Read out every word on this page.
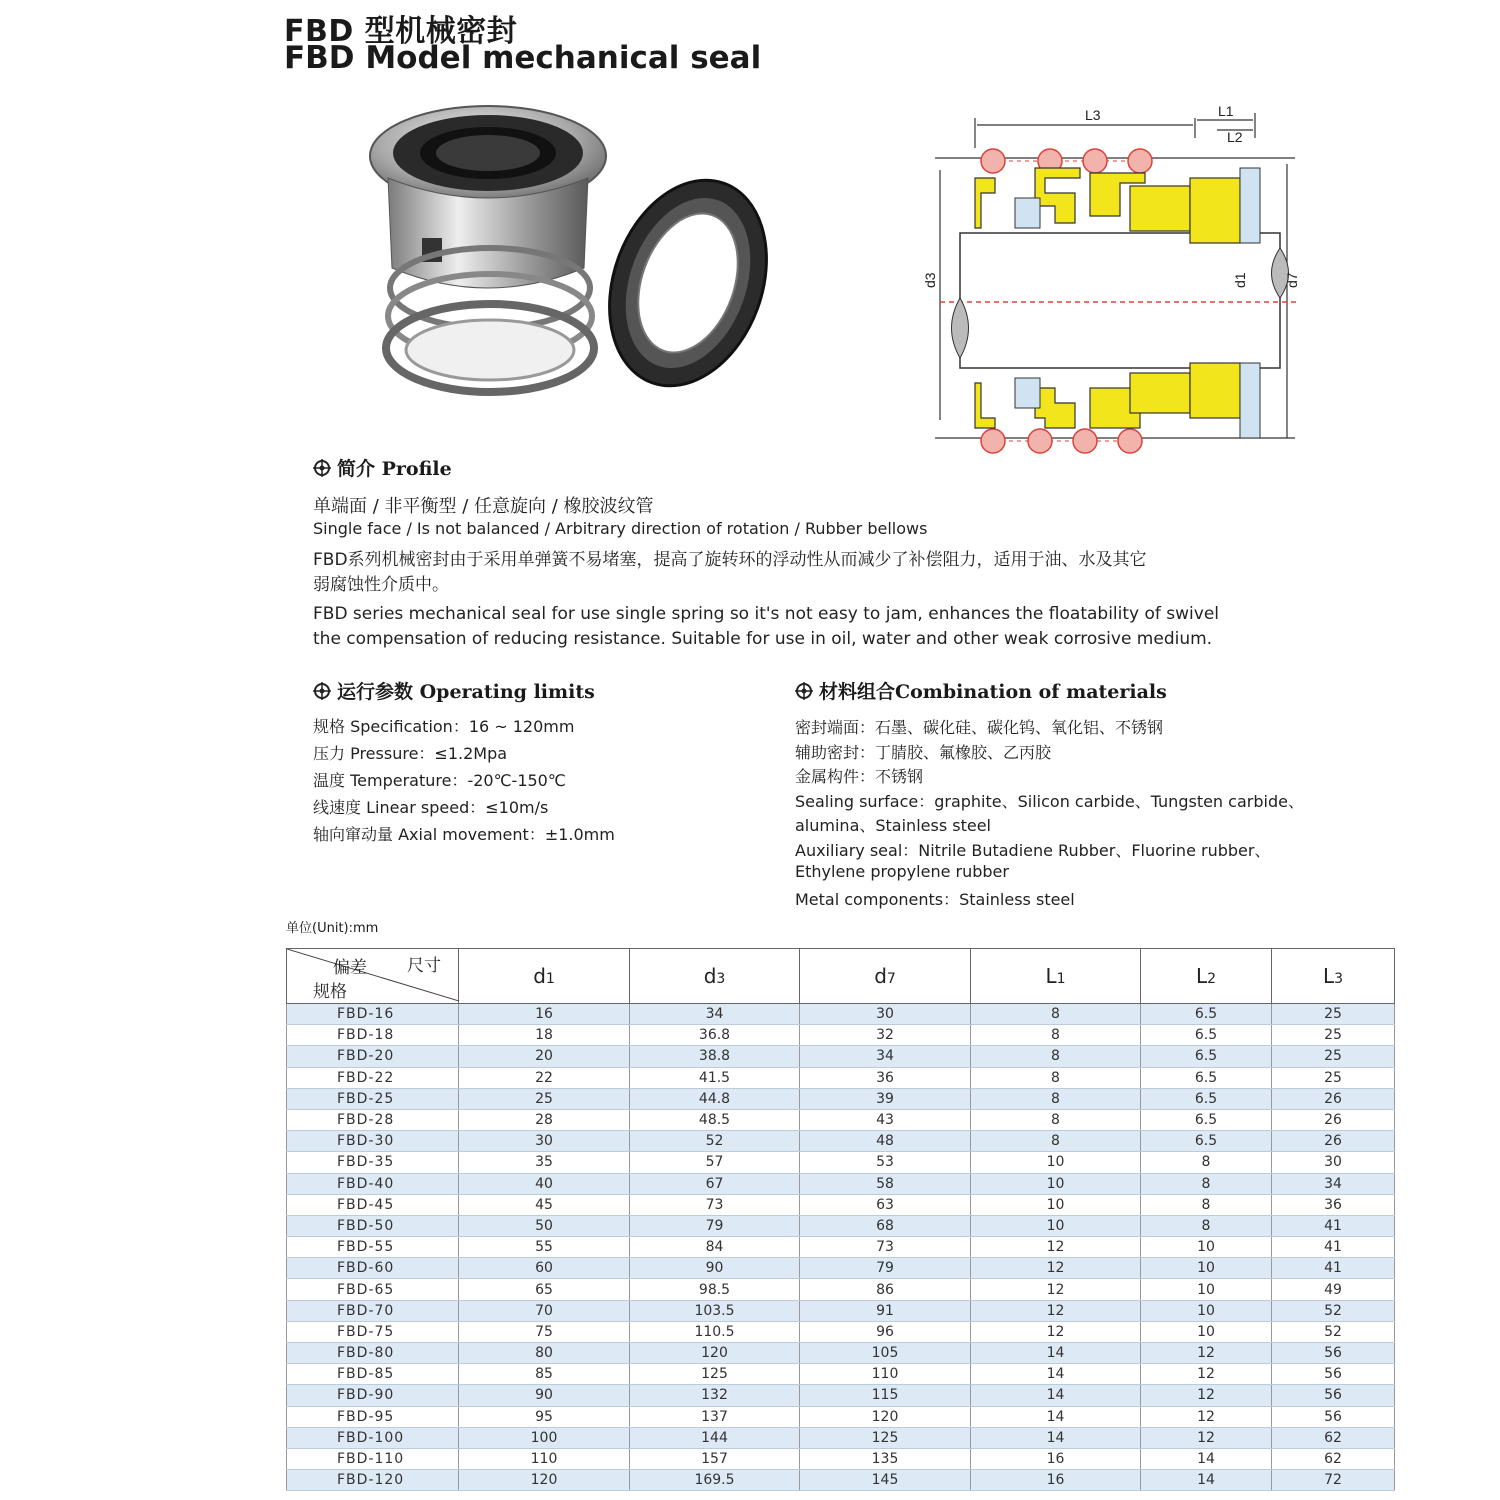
FBD 型机械密封
FBD Model mechanical seal
L3	L1
L2
d3	d1	d7
简介 Profile
单端面 / 非平衡型 / 任意旋向 / 橡胶波纹管
Single face / Is not balanced / Arbitrary direction of rotation / Rubber bellows
FBD系列机械密封由于采用单弹簧不易堵塞，提高了旋转环的浮动性从而减少了补偿阻力，适用于油、水及其它
弱腐蚀性介质中。
FBD series mechanical seal for use single spring so it's not easy to jam, enhances the floatability of swivel
the compensation of reducing resistance. Suitable for use in oil, water and other weak corrosive medium.
运行参数 Operating limits
规格 Specification：16 ~ 120mm
压力 Pressure：≤1.2Mpa
温度 Temperature：-20℃-150℃
线速度 Linear speed：≤10m/s
轴向窜动量 Axial movement：±1.0mm
材料组合Combination of materials
密封端面：石墨、碳化硅、碳化钨、氧化铝、不锈钢
辅助密封：丁腈胶、氟橡胶、乙丙胶
金属构件：不锈钢
Sealing surface：graphite、Silicon carbide、Tungsten carbide、
alumina、Stainless steel
Auxiliary seal：Nitrile Butadiene Rubber、Fluorine rubber、
Ethylene propylene rubber
Metal components：Stainless steel
单位(Unit):mm
偏差 尺寸
规格	d1	d3	d7	L1	L2	L3
FBD-16	16	34	30	8	6.5	25
FBD-18	18	36.8	32	8	6.5	25
FBD-20	20	38.8	34	8	6.5	25
FBD-22	22	41.5	36	8	6.5	25
FBD-25	25	44.8	39	8	6.5	26
FBD-28	28	48.5	43	8	6.5	26
FBD-30	30	52	48	8	6.5	26
FBD-35	35	57	53	10	8	30
FBD-40	40	67	58	10	8	34
FBD-45	45	73	63	10	8	36
FBD-50	50	79	68	10	8	41
FBD-55	55	84	73	12	10	41
FBD-60	60	90	79	12	10	41
FBD-65	65	98.5	86	12	10	49
FBD-70	70	103.5	91	12	10	52
FBD-75	75	110.5	96	12	10	52
FBD-80	80	120	105	14	12	56
FBD-85	85	125	110	14	12	56
FBD-90	90	132	115	14	12	56
FBD-95	95	137	120	14	12	56
FBD-100	100	144	125	14	12	62
FBD-110	110	157	135	16	14	62
FBD-120	120	169.5	145	16	14	72
